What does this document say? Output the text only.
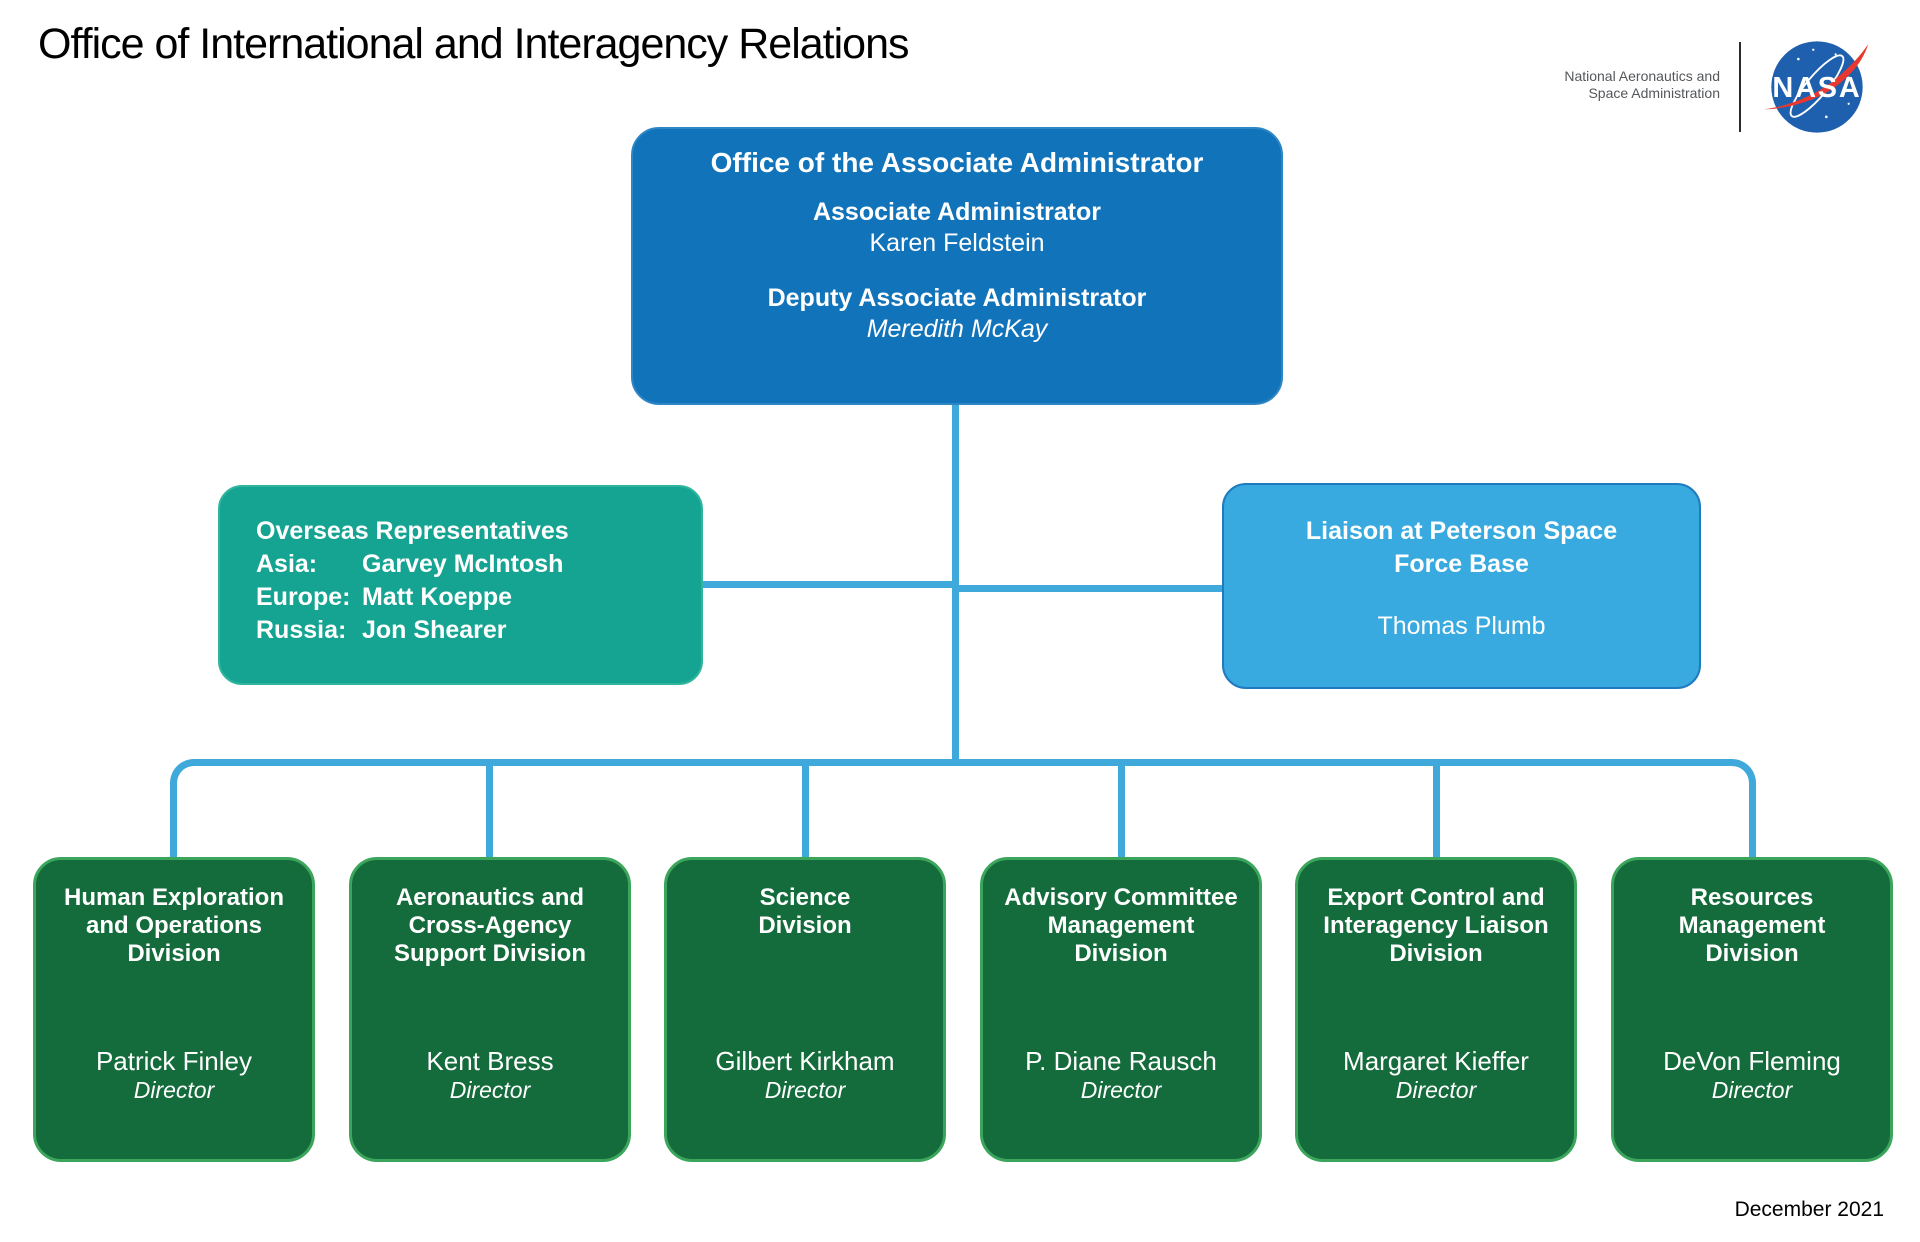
Office of International and Interagency Relations
National Aeronautics and
Space Administration NASA
Office of the Associate Administrator
Associate Administrator
Karen Feldstein
Deputy Associate Administrator
Meredith McKay
Overseas Representatives
Asia: Garvey McIntosh
Europe: Matt Koeppe
Russia: Jon Shearer
Liaison at Peterson Space
Force Base
Thomas Plumb
Human Exploration
and Operations
Division
Patrick Finley
Director
Aeronautics and
Cross-Agency
Support Division
Kent Bress
Director
Science
Division
Gilbert Kirkham
Director
Advisory Committee
Management
Division
P. Diane Rausch
Director
Export Control and
Interagency Liaison
Division
Margaret Kieffer
Director
Resources
Management
Division
DeVon Fleming
Director
December 2021
